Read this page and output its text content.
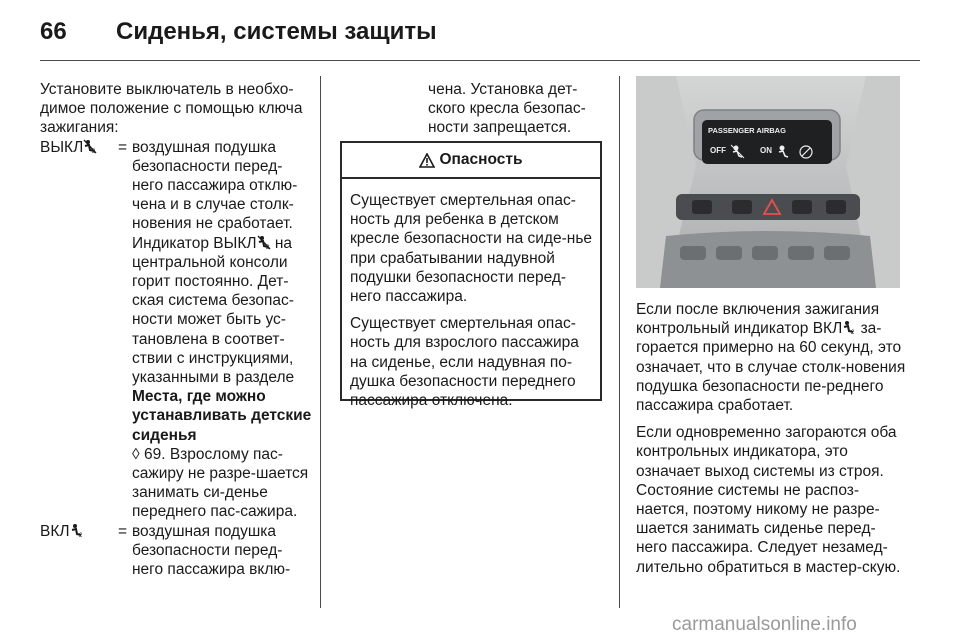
66 Сиденья, системы защиты
Установите выключатель в необхо-димое положение с помощью ключа зажигания:
ВЫКЛ 2 = воздушная подушка безопасности перед-него пассажира отклю-чена и в случае столк-новения не сработает. Индикатор ВЫКЛ 2 на центральной консоли горит постоянно. Дет-ская система безопас-ности может быть ус-тановлена в соответ-ствии с инструкциями, указанными в разделе Места, где можно устанавливать детские сиденья
◊ 69. Взрослому пас-сажиру не разре-шается занимать си-денье переднего пас-сажира.
ВКЛ 2 = воздушная подушка безопасности перед-него пассажира вклю-
чена. Установка дет-ского кресла безопас-ности запрещается.
Опасность

Существует смертельная опас-ность для ребенка в детском кресле безопасности на сиде-нье при срабатывании надувной подушки безопасности перед-него пассажира.

Существует смертельная опас-ность для взрослого пассажира на сиденье, если надувная по-душка безопасности переднего пассажира отключена.

PASSENGER AIRBAG
OFF	ON

Если после включения зажигания контрольный индикатор ВКЛ 2 за-горается примерно на 60 секунд, это означает, что в случае столк-новения подушка безопасности пе-реднего пассажира сработает.

Если одновременно загораются оба контрольных индикатора, это означает выход системы из строя. Состояние системы не распоз-нается, поэтому никому не разре-шается занимать сиденье перед-него пассажира. Следует незамед-лительно обратиться в мастер-скую.

carmanualsonline.info
